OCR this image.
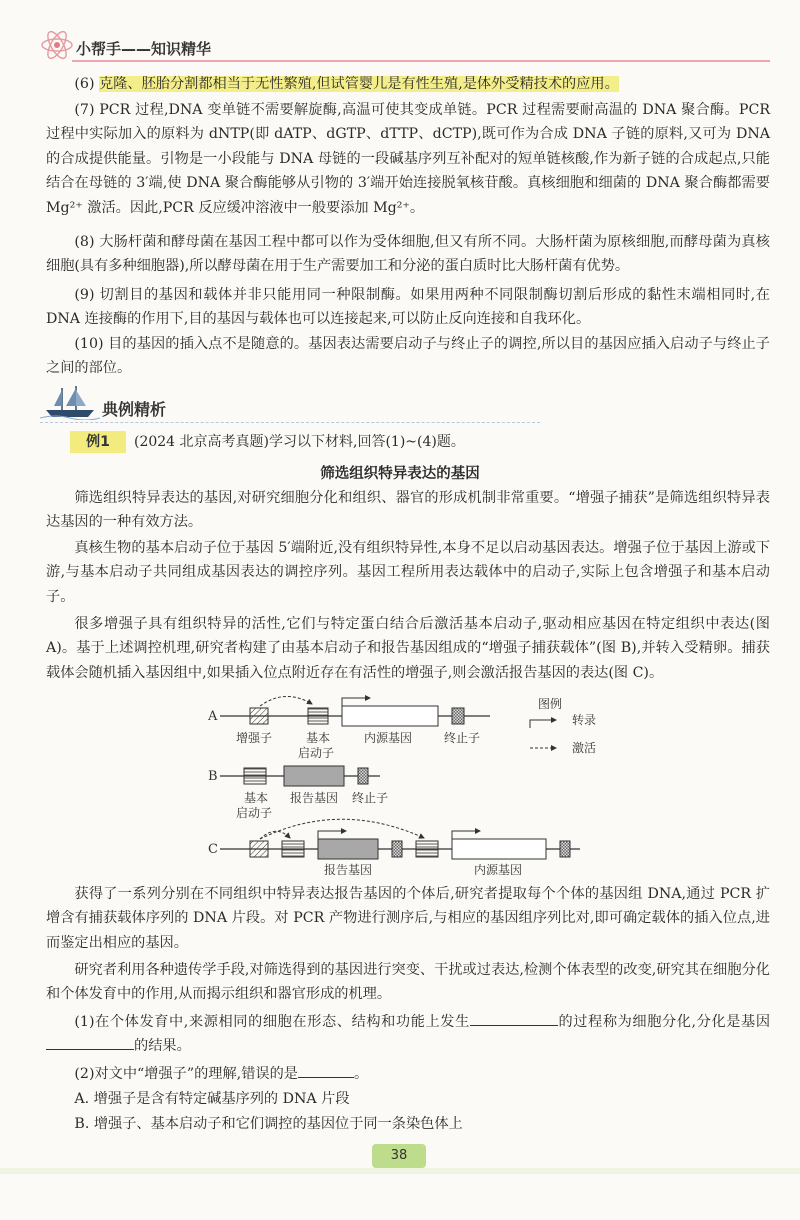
小帮手——知识精华
(6) 克隆、胚胎分割都相当于无性繁殖,但试管婴儿是有性生殖,是体外受精技术的应用。
(7) PCR 过程,DNA 变单链不需要解旋酶,高温可使其变成单链。PCR 过程需要耐高温的 DNA 聚合酶。PCR 过程中实际加入的原料为 dNTP(即 dATP、dGTP、dTTP、dCTP),既可作为合成 DNA 子链的原料,又可为 DNA 的合成提供能量。引物是一小段能与 DNA 母链的一段碱基序列互补配对的短单链核酸,作为新子链的合成起点,只能结合在母链的 3′端,使 DNA 聚合酶能够从引物的 3′端开始连接脱氧核苷酸。真核细胞和细菌的 DNA 聚合酶都需要 Mg²⁺ 激活。因此,PCR 反应缓冲溶液中一般要添加 Mg²⁺。
(8) 大肠杆菌和酵母菌在基因工程中都可以作为受体细胞,但又有所不同。大肠杆菌为原核细胞,而酵母菌为真核细胞(具有多种细胞器),所以酵母菌在用于生产需要加工和分泌的蛋白质时比大肠杆菌有优势。
(9) 切割目的基因和载体并非只能用同一种限制酶。如果用两种不同限制酶切割后形成的黏性末端相同时,在 DNA 连接酶的作用下,目的基因与载体也可以连接起来,可以防止反向连接和自我环化。
(10) 目的基因的插入点不是随意的。基因表达需要启动子与终止子的调控,所以目的基因应插入启动子与终止子之间的部位。
典例精析
例1	(2024 北京高考真题)学习以下材料,回答(1)~(4)题。
筛选组织特异表达的基因
筛选组织特异表达的基因,对研究细胞分化和组织、器官的形成机制非常重要。“增强子捕获”是筛选组织特异表达基因的一种有效方法。
真核生物的基本启动子位于基因 5′端附近,没有组织特异性,本身不足以启动基因表达。增强子位于基因上游或下游,与基本启动子共同组成基因表达的调控序列。基因工程所用表达载体中的启动子,实际上包含增强子和基本启动子。
很多增强子具有组织特异的活性,它们与特定蛋白结合后激活基本启动子,驱动相应基因在特定组织中表达(图 A)。基于上述调控机理,研究者构建了由基本启动子和报告基因组成的“增强子捕获载体”(图 B),并转入受精卵。捕获载体会随机插入基因组中,如果插入位点附近存在有活性的增强子,则会激活报告基因的表达(图 C)。
A
增强子	基本
启动子
内源基因	终止子
图例
转录
激活
B
基本
启动子
报告基因 终止子
C
报告基因	内源基因
获得了一系列分别在不同组织中特异表达报告基因的个体后,研究者提取每个个体的基因组 DNA,通过 PCR 扩增含有捕获载体序列的 DNA 片段。对 PCR 产物进行测序后,与相应的基因组序列比对,即可确定载体的插入位点,进而鉴定出相应的基因。
研究者利用各种遗传学手段,对筛选得到的基因进行突变、干扰或过表达,检测个体表型的改变,研究其在细胞分化和个体发育中的作用,从而揭示组织和器官形成的机理。
(1)在个体发育中,来源相同的细胞在形态、结构和功能上发生	的过程称为细胞分化,分化是基因的结果。
(2)对文中“增强子”的理解,错误的是	。
A. 增强子是含有特定碱基序列的 DNA 片段
B. 增强子、基本启动子和它们调控的基因位于同一条染色体上
38
